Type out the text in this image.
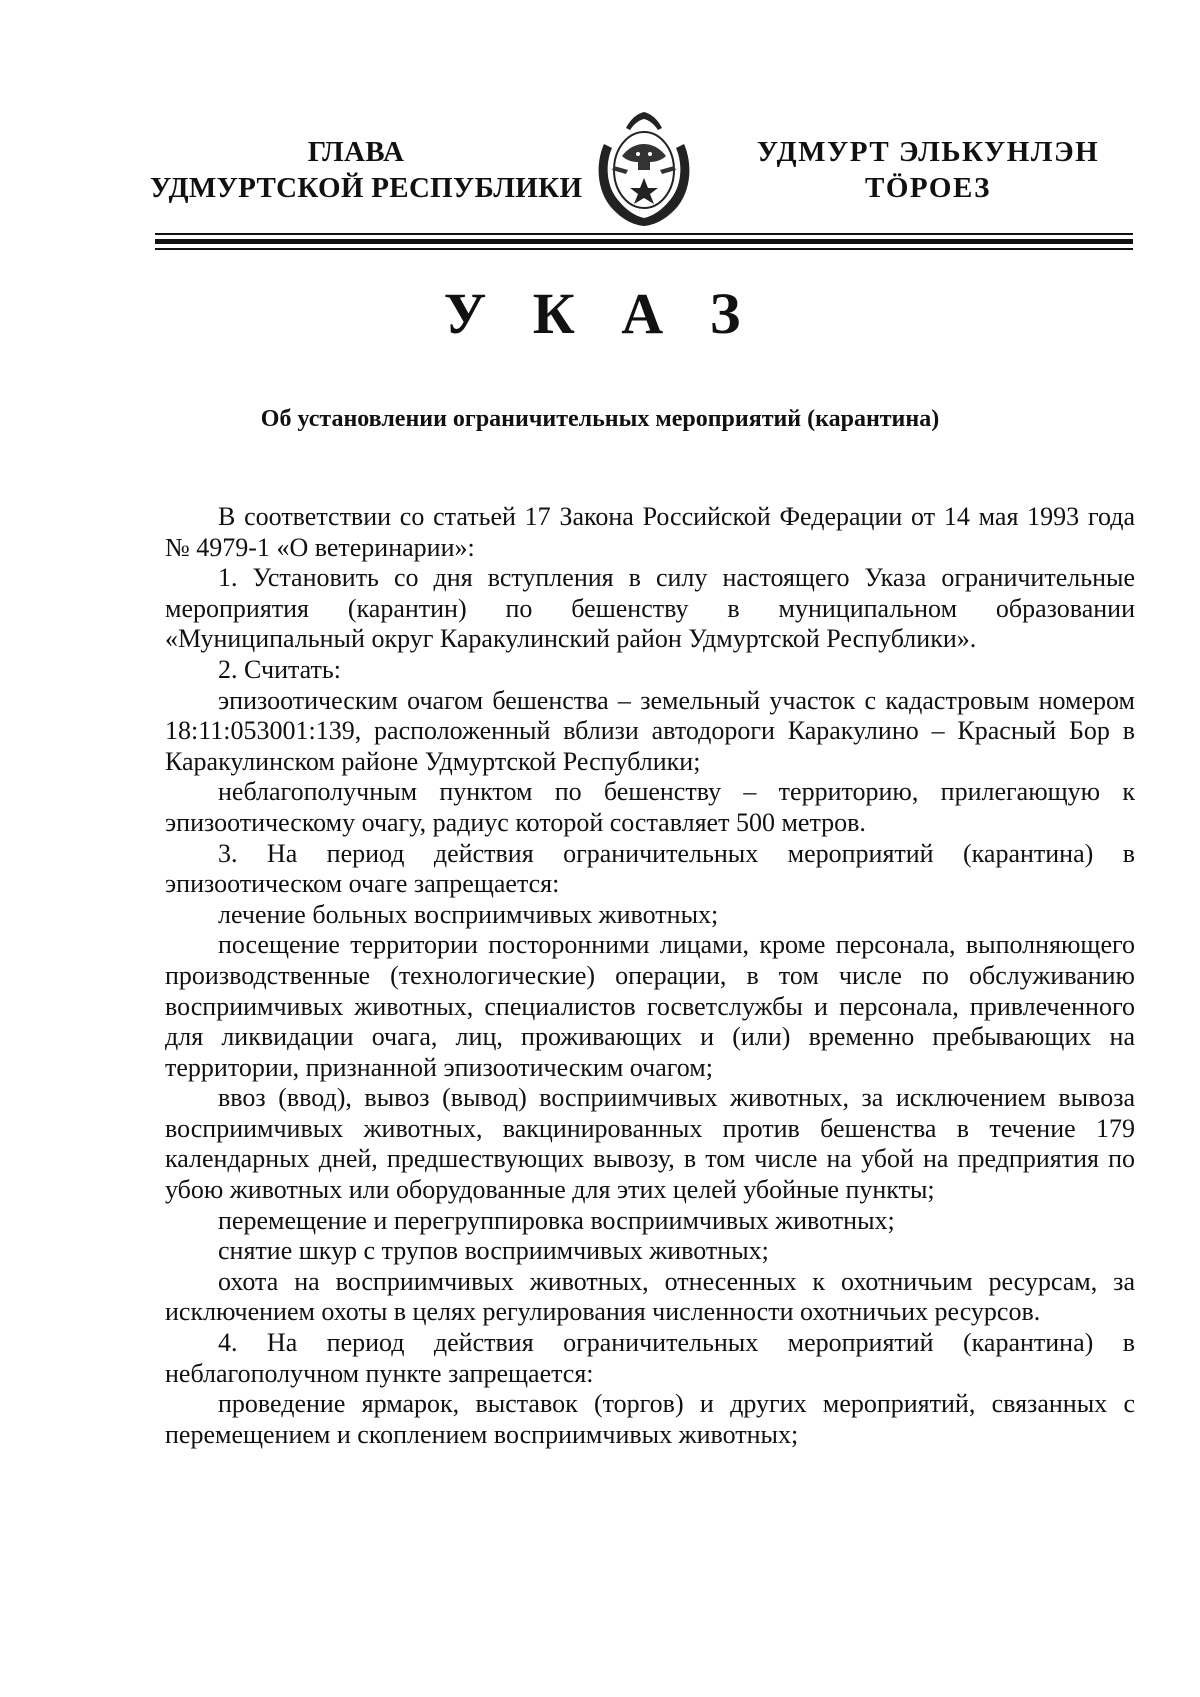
ГЛАВА
УДМУРТСКОЙ РЕСПУБЛИКИ
УДМУРТ ЭЛЬКУНЛЭН
ТӦРОЕЗ
У К А З
Об установлении ограничительных мероприятий (карантина)

В соответствии со статьей 17 Закона Российской Федерации от 14 мая 1993 года № 4979-1 «О ветеринарии»:

1. Установить со дня вступления в силу настоящего Указа ограничительные мероприятия (карантин) по бешенству в муниципальном образовании «Муниципальный округ Каракулинский район Удмуртской Республики».

2. Считать:

эпизоотическим очагом бешенства – земельный участок с кадастровым номером 18:11:053001:139, расположенный вблизи автодороги Каракулино – Красный Бор в Каракулинском районе Удмуртской Республики;

неблагополучным пунктом по бешенству – территорию, прилегающую к эпизоотическому очагу, радиус которой составляет 500 метров.

3. На период действия ограничительных мероприятий (карантина) в эпизоотическом очаге запрещается:

лечение больных восприимчивых животных;

посещение территории посторонними лицами, кроме персонала, выполняющего производственные (технологические) операции, в том числе по обслуживанию восприимчивых животных, специалистов госветслужбы и персонала, привлеченного для ликвидации очага, лиц, проживающих и (или) временно пребывающих на территории, признанной эпизоотическим очагом;

ввоз (ввод), вывоз (вывод) восприимчивых животных, за исключением вывоза восприимчивых животных, вакцинированных против бешенства в течение 179 календарных дней, предшествующих вывозу, в том числе на убой на предприятия по убою животных или оборудованные для этих целей убойные пункты;

перемещение и перегруппировка восприимчивых животных;

снятие шкур с трупов восприимчивых животных;

охота на восприимчивых животных, отнесенных к охотничьим ресурсам, за исключением охоты в целях регулирования численности охотничьих ресурсов.

4. На период действия ограничительных мероприятий (карантина) в неблагополучном пункте запрещается:

проведение ярмарок, выставок (торгов) и других мероприятий, связанных с перемещением и скоплением восприимчивых животных;
